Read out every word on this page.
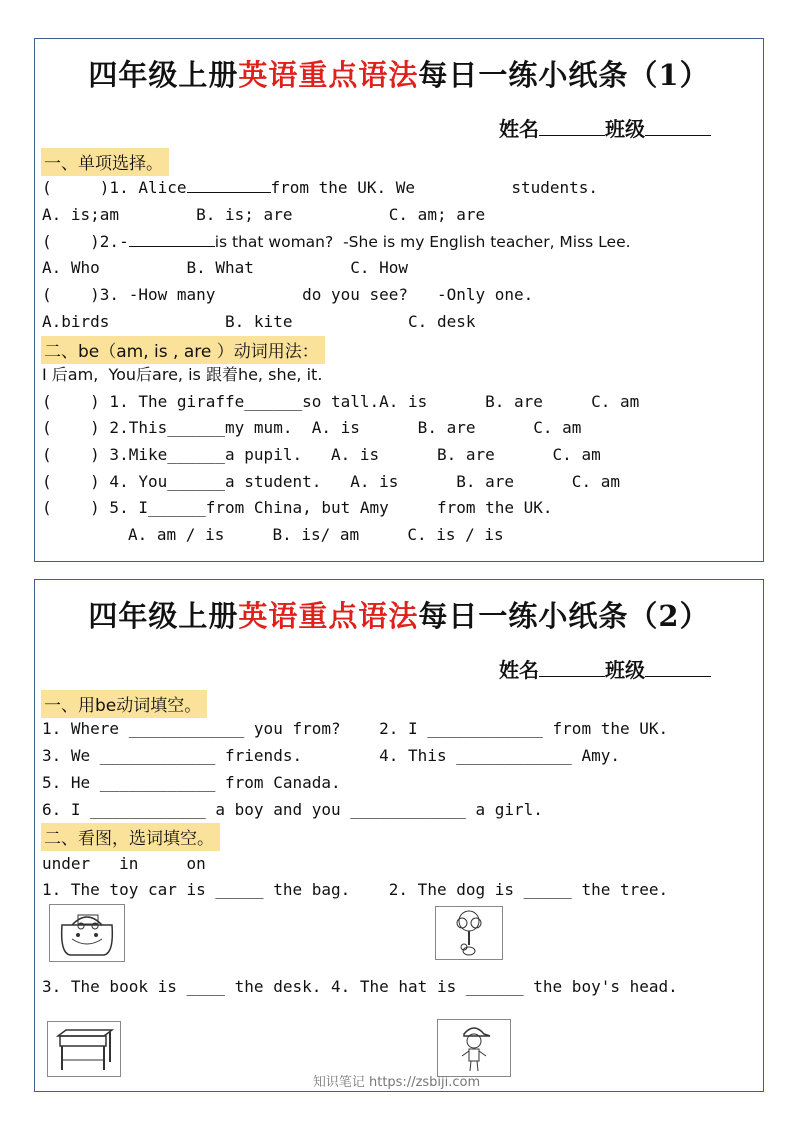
四年级上册英语重点语法每日一练小纸条（1）
姓名	班级
一、单项选择。
(     )1. Alice	from the UK. We          students.
A. is;am        B. is; are          C. am; are
(    )2.-	is that woman?  -She is my English teacher, Miss Lee.
A. Who         B. What          C. How
(    )3. -How many         do you see?   -Only one.
A.birds            B. kite            C. desk
二、be（am, is , are ）动词用法：
I 后am,  You后are, is 跟着he, she, it.
(    ) 1. The giraffe______so tall.A. is      B. are     C. am
(    ) 2.This______my mum.  A. is      B. are      C. am
(    ) 3.Mike______a pupil.   A. is      B. are      C. am
(    ) 4. You______a student.   A. is      B. are      C. am
(    ) 5. I______from China, but Amy     from the UK.
A. am / is     B. is/ am     C. is / is
四年级上册英语重点语法每日一练小纸条（2）
姓名	班级
一、用be动词填空。
1. Where ____________ you from?    2. I ____________ from the UK.
3. We ____________ friends.        4. This ____________ Amy.
5. He ____________ from Canada.
6. I ____________ a boy and you ____________ a girl.
二、看图，选词填空。
under   in     on
1. The toy car is _____ the bag.    2. The dog is _____ the tree.
3. The book is ____ the desk. 4. The hat is ______ the boy's head.
知识笔记 https://zsbiji.com
